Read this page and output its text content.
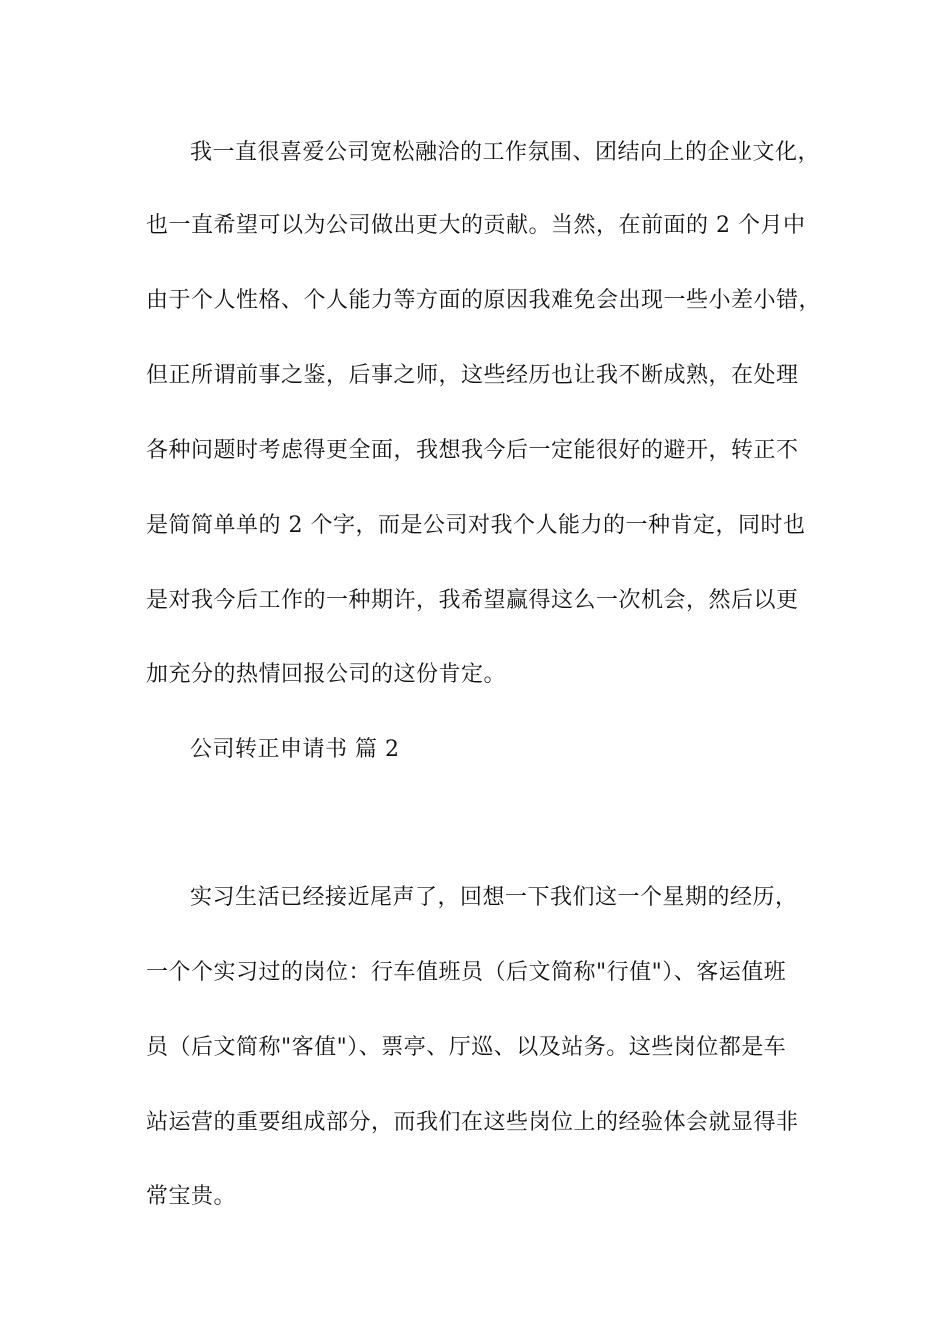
我一直很喜爱公司宽松融洽的工作氛围、团结向上的企业文化，
也一直希望可以为公司做出更大的贡献。当然，在前面的 2 个月中
由于个人性格、个人能力等方面的原因我难免会出现一些小差小错，
但正所谓前事之鉴，后事之师，这些经历也让我不断成熟，在处理
各种问题时考虑得更全面，我想我今后一定能很好的避开，转正不
是简简单单的 2 个字，而是公司对我个人能力的一种肯定，同时也
是对我今后工作的一种期许，我希望赢得这么一次机会，然后以更
加充分的热情回报公司的这份肯定。
公司转正申请书 篇 2
实习生活已经接近尾声了，回想一下我们这一个星期的经历，
一个个实习过的岗位：行车值班员（后文简称"行值"）、客运值班
员（后文简称"客值"）、票亭、厅巡、以及站务。这些岗位都是车
站运营的重要组成部分，而我们在这些岗位上的经验体会就显得非
常宝贵。
